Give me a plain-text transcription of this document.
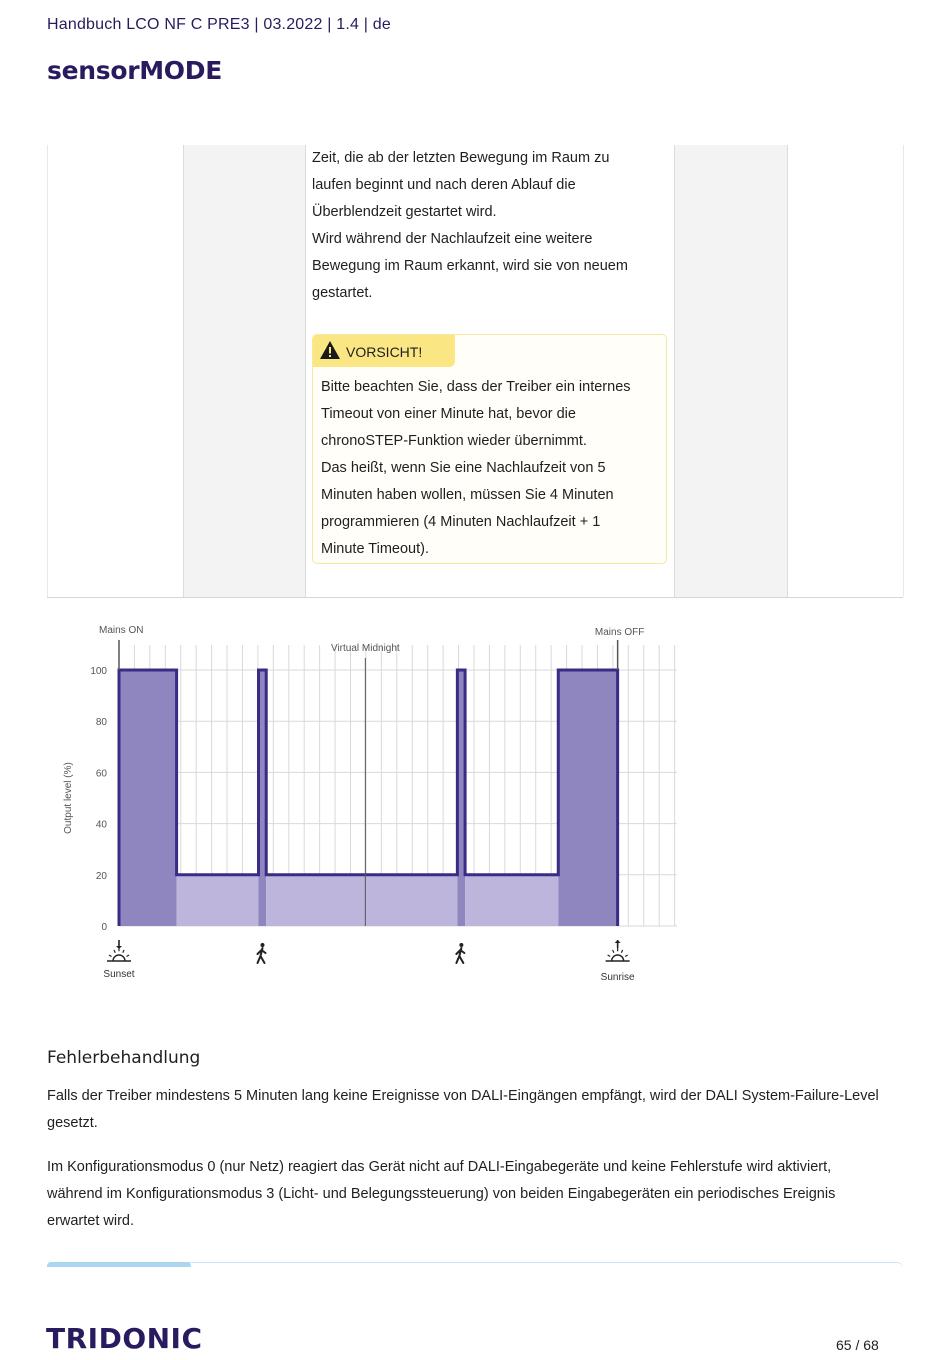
Handbuch LCO NF C PRE3 | 03.2022 | 1.4 | de
sensorMODE

Zeit, die ab der letzten Bewegung im Raum zu

laufen beginnt und nach deren Ablauf die

Überblendzeit gestartet wird.

Wird während der Nachlaufzeit eine weitere

Bewegung im Raum erkannt, wird sie von neuem

gestartet.

VORSICHT!

Bitte beachten Sie, dass der Treiber ein internes

Timeout von einer Minute hat, bevor die

chronoSTEP-Funktion wieder übernimmt.

Das heißt, wenn Sie eine Nachlaufzeit von 5

Minuten haben wollen, müssen Sie 4 Minuten

programmieren (4 Minuten Nachlaufzeit + 1

Minute Timeout).

0
20
40
60
80
100
Virtual Midnight
Mains ON	Mains OFF
Output level (%)
Sunset	Sunrise
Fehlerbehandlung

Falls der Treiber mindestens 5 Minuten lang keine Ereignisse von DALI-Eingängen empfängt, wird der DALI System-Failure-Level gesetzt.

Im Konfigurationsmodus 0 (nur Netz) reagiert das Gerät nicht auf DALI-Eingabegeräte und keine Fehlerstufe wird aktiviert, während im Konfigurationsmodus 3 (Licht- und Belegungssteuerung) von beiden Eingabegeräten ein periodisches Ereignis erwartet wird.

TRIDONIC	65 / 68
